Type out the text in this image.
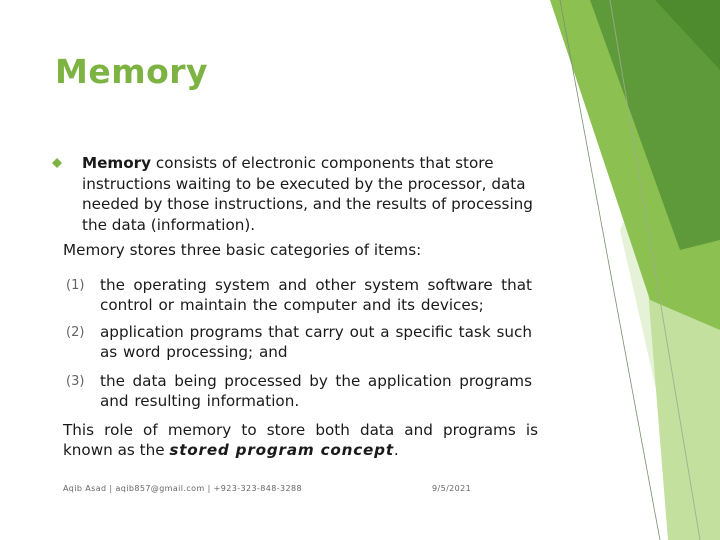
Memory

Memory consists of electronic components that store instructions waiting to be executed by the processor, data needed by those instructions, and the results of processing the data (information).

Memory stores three basic categories of items:

(1) the operating system and other system software that control or maintain the computer and its devices;
(2) application programs that carry out a specific task such as word processing; and
(3) the data being processed by the application programs and resulting information.

This role of memory to store both data and programs is known as the stored program concept.

Aqib Asad | aqib857@gmail.com | +923-323-848-3288	9/5/2021
